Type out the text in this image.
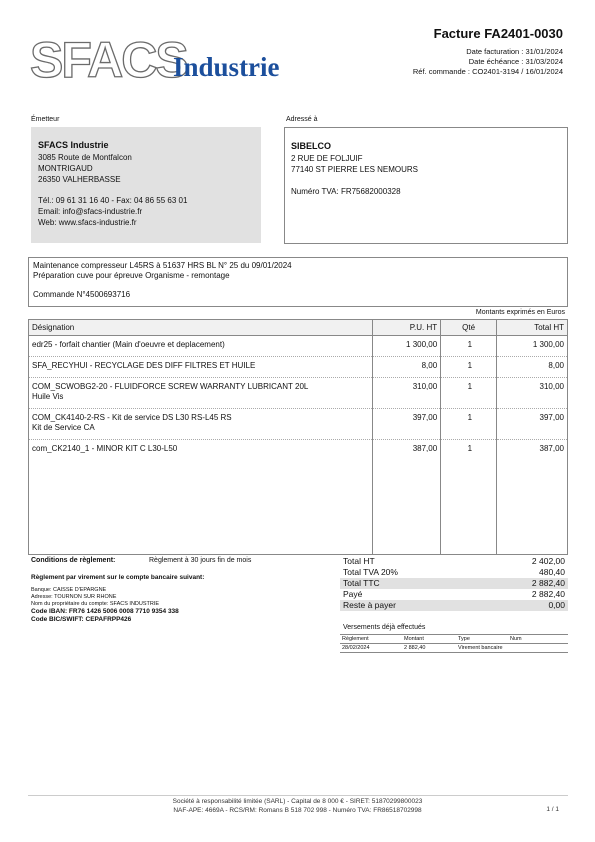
SFACS
Industrie
Facture FA2401-0030
Date facturation : 31/01/2024
Date échéance : 31/03/2024
Réf. commande : CO2401-3194 / 16/01/2024
Émetteur
SFACS Industrie
3085 Route de Montfalcon
MONTRIGAUD
26350 VALHERBASSE
Tél.: 09 61 31 16 40 - Fax: 04 86 55 63 01
Email: info@sfacs-industrie.fr
Web: www.sfacs-industrie.fr
Adressé à
SIBELCO
2 RUE DE FOLJUIF
77140 ST PIERRE LES NEMOURS
Numéro TVA: FR75682000328
Maintenance compresseur L45RS à 51637 HRS BL N° 25 du 09/01/2024
Préparation cuve pour épreuve Organisme - remontage
Commande N°4500693716
Montants exprimés en Euros
Désignation	P.U. HT	Qté	Total HT
edr25 - forfait chantier (Main d'oeuvre et deplacement)	1 300,00	1	1 300,00
SFA_RECYHUI - RECYCLAGE DES DIFF FILTRES ET HUILE	8,00	1	8,00

COM_SCWOBG2-20 - FLUIDFORCE SCREW WARRANTY LUBRICANT 20L
Huile Vis	310,00	1	310,00

COM_CK4140-2-RS - Kit de service DS L30 RS-L45 RS
Kit de Service CA	397,00	1	397,00
com_CK2140_1 - MINOR KIT C L30-L50	387,00	1	387,00
Conditions de règlement:	Règlement à 30 jours fin de mois
Règlement par virement sur le compte bancaire suivant:
Banque: CAISSE D'EPARGNE
Adresse: TOURNON SUR RHONE
Nom du propriétaire du compte: SFACS INDUSTRIE
Code IBAN: FR76 1426 5006 0008 7710 9354 338
Code BIC/SWIFT: CEPAFRPP426
Total HT	2 402,00
Total TVA 20%	480,40
Total TTC	2 882,40
Payé	2 882,40
Reste à payer	0,00
Versements déjà effectués
Règlement	Montant	Type	Num
28/02/2024	2 882,40	Virement bancaire	
Société à responsabilité limitée (SARL) - Capital de 8 000 € - SIRET: 51870299800023
NAF-APE: 4669A - RCS/RM: Romans B 518 702 998 - Numéro TVA: FR86518702998	1 / 1
